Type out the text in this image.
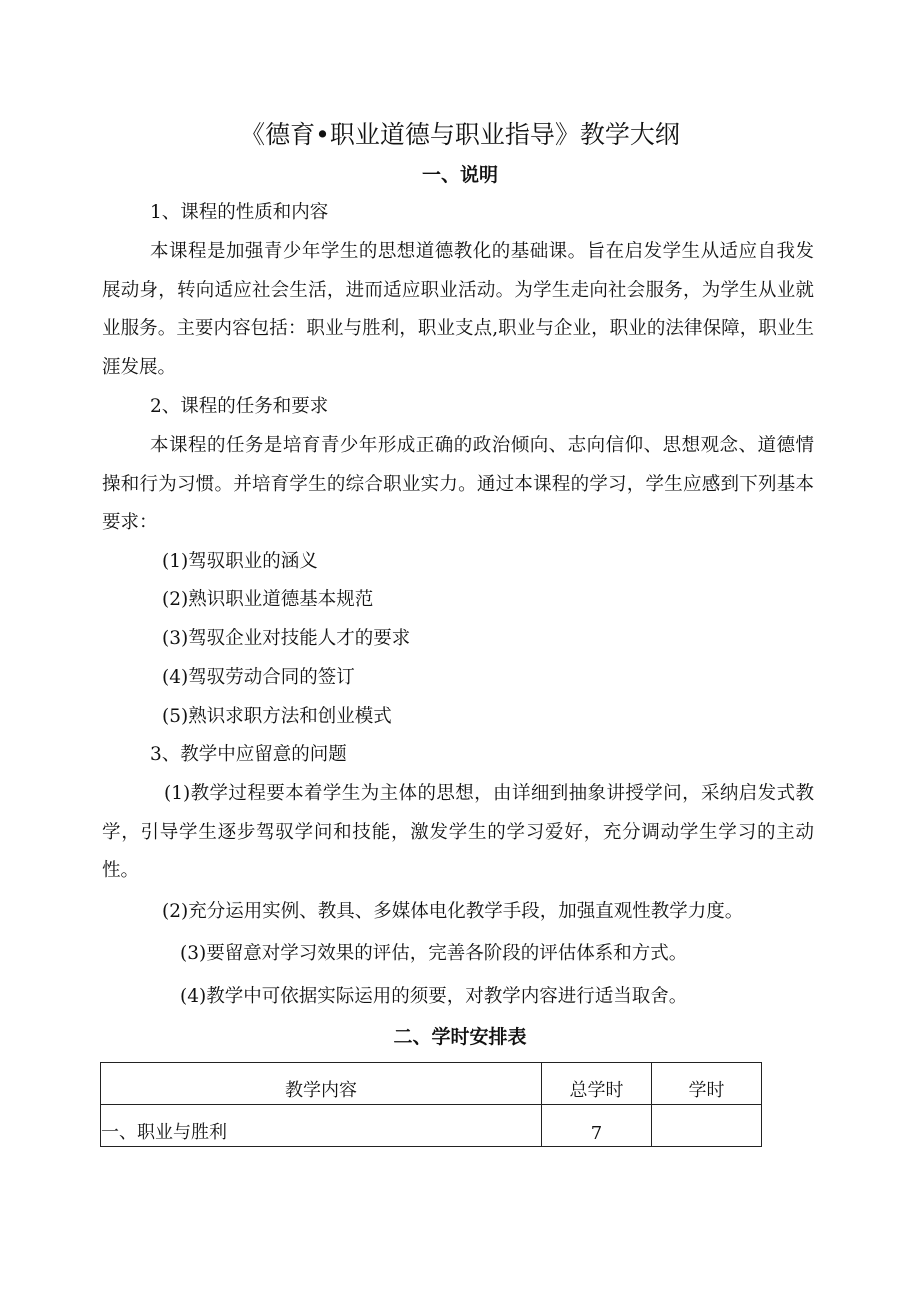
《德育•职业道德与职业指导》教学大纲
一、说明
1、课程的性质和内容
本课程是加强青少年学生的思想道德教化的基础课。旨在启发学生从适应自我发展动身，转向适应社会生活，进而适应职业活动。为学生走向社会服务，为学生从业就业服务。主要内容包括：职业与胜利，职业支点,职业与企业，职业的法律保障，职业生涯发展。
2、课程的任务和要求
本课程的任务是培育青少年形成正确的政治倾向、志向信仰、思想观念、道德情操和行为习惯。并培育学生的综合职业实力。通过本课程的学习，学生应感到下列基本要求：
(1)驾驭职业的涵义
(2)熟识职业道德基本规范
(3)驾驭企业对技能人才的要求
(4)驾驭劳动合同的签订
(5)熟识求职方法和创业模式
3、教学中应留意的问题
(1)教学过程要本着学生为主体的思想，由详细到抽象讲授学问，采纳启发式教学，引导学生逐步驾驭学问和技能，激发学生的学习爱好，充分调动学生学习的主动性。
(2)充分运用实例、教具、多媒体电化教学手段，加强直观性教学力度。
(3)要留意对学习效果的评估，完善各阶段的评估体系和方式。
(4)教学中可依据实际运用的须要，对教学内容进行适当取舍。
二、学时安排表
教学内容	总学时	学时
一、职业与胜利	7	
